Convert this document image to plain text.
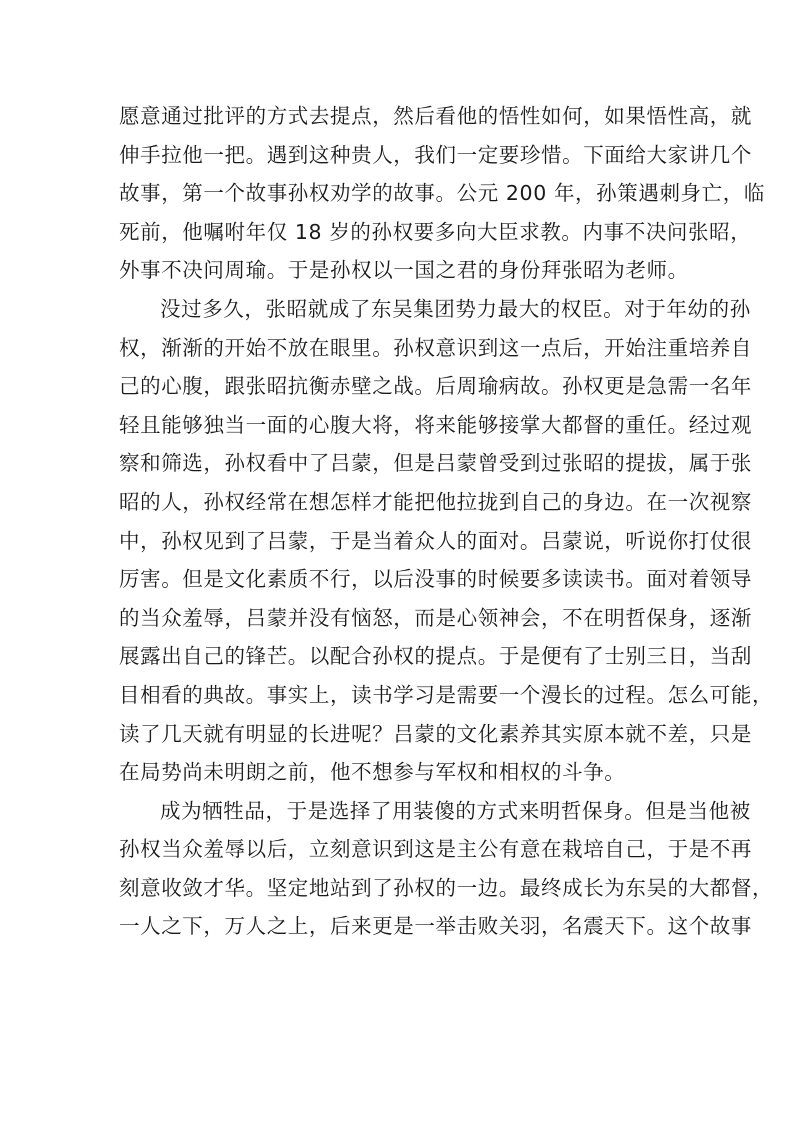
愿意通过批评的方式去提点，然后看他的悟性如何，如果悟性高，就
伸手拉他一把。遇到这种贵人，我们一定要珍惜。下面给大家讲几个
故事，第一个故事孙权劝学的故事。公元 200 年，孙策遇刺身亡，临
死前，他嘱咐年仅 18 岁的孙权要多向大臣求教。内事不决问张昭，
外事不决问周瑜。于是孙权以一国之君的身份拜张昭为老师。
没过多久，张昭就成了东吴集团势力最大的权臣。对于年幼的孙
权，渐渐的开始不放在眼里。孙权意识到这一点后，开始注重培养自
己的心腹，跟张昭抗衡赤壁之战。后周瑜病故。孙权更是急需一名年
轻且能够独当一面的心腹大将，将来能够接掌大都督的重任。经过观
察和筛选，孙权看中了吕蒙，但是吕蒙曾受到过张昭的提拔，属于张
昭的人，孙权经常在想怎样才能把他拉拢到自己的身边。在一次视察
中，孙权见到了吕蒙，于是当着众人的面对。吕蒙说，听说你打仗很
厉害。但是文化素质不行，以后没事的时候要多读读书。面对着领导
的当众羞辱，吕蒙并没有恼怒，而是心领神会，不在明哲保身，逐渐
展露出自己的锋芒。以配合孙权的提点。于是便有了士别三日，当刮
目相看的典故。事实上，读书学习是需要一个漫长的过程。怎么可能，
读了几天就有明显的长进呢？吕蒙的文化素养其实原本就不差，只是
在局势尚未明朗之前，他不想参与军权和相权的斗争。
成为牺牲品，于是选择了用装傻的方式来明哲保身。但是当他被
孙权当众羞辱以后，立刻意识到这是主公有意在栽培自己，于是不再
刻意收敛才华。坚定地站到了孙权的一边。最终成长为东吴的大都督，
一人之下，万人之上，后来更是一举击败关羽，名震天下。这个故事
